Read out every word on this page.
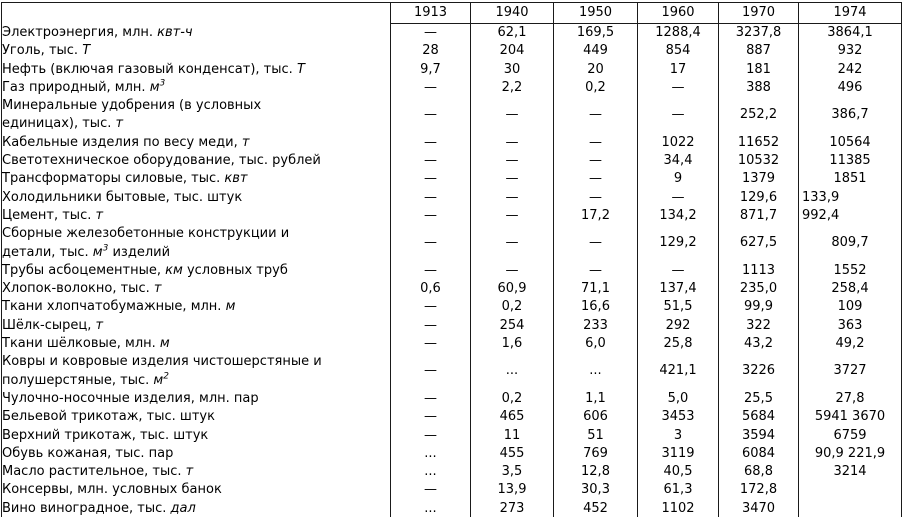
	1913	1940	1950	1960	1970	1974
Электроэнергия, млн. квт-ч	—	62,1	169,5	1288,4	3237,8	3864,1
Уголь, тыс. Т	28	204	449	854	887	932
Нефть (включая газовый конденсат), тыс. Т	9,7	30	20	17	181	242
Газ природный, млн. $м^3$	—	2,2	0,2	—	388	496
Минеральные удобрения (в условных
единицах), тыс. т	—	—	—	—	252,2	386,7
Кабельные изделия по весу меди, т	—	—	—	1022	11652	10564
Светотехническое оборудование, тыс. рублей	—	—	—	34,4	10532	11385
Трансформаторы силовые, тыс. квт	—	—	—	9	1379	1851
Холодильники бытовые, тыс. штук	—	—	—	—	129,6	133,9
Цемент, тыс. т	—	—	17,2	134,2	871,7	992,4
Сборные железобетонные конструкции и
детали, тыс. $м^3$ изделий	—	—	—	129,2	627,5	809,7
Трубы асбоцементные, км условных труб	—	—	—	—	1113	1552
Хлопок-волокно, тыс. т	0,6	60,9	71,1	137,4	235,0	258,4
Ткани хлопчатобумажные, млн. м	—	0,2	16,6	51,5	99,9	109
Шёлк-сырец, т	—	254	233	292	322	363
Ткани шёлковые, млн. м	—	1,6	6,0	25,8	43,2	49,2
Ковры и ковровые изделия чистошерстяные и
полушерстяные, тыс. $м^2$	—	...	...	421,1	3226	3727
Чулочно-носочные изделия, млн. пар	—	0,2	1,1	5,0	25,5	27,8
Бельевой трикотаж, тыс. штук	—	465	606	3453	5684	5941 3670
Верхний трикотаж, тыс. штук	—	11	51	3	3594	6759
Обувь кожаная, тыс. пар	...	455	769	3119	6084	90,9 221,9
Масло растительное, тыс. т	...	3,5	12,8	40,5	68,8	3214
Консервы, млн. условных банок	—	13,9	30,3	61,3	172,8	
Вино виноградное, тыс. дал	...	273	452	1102	3470	
